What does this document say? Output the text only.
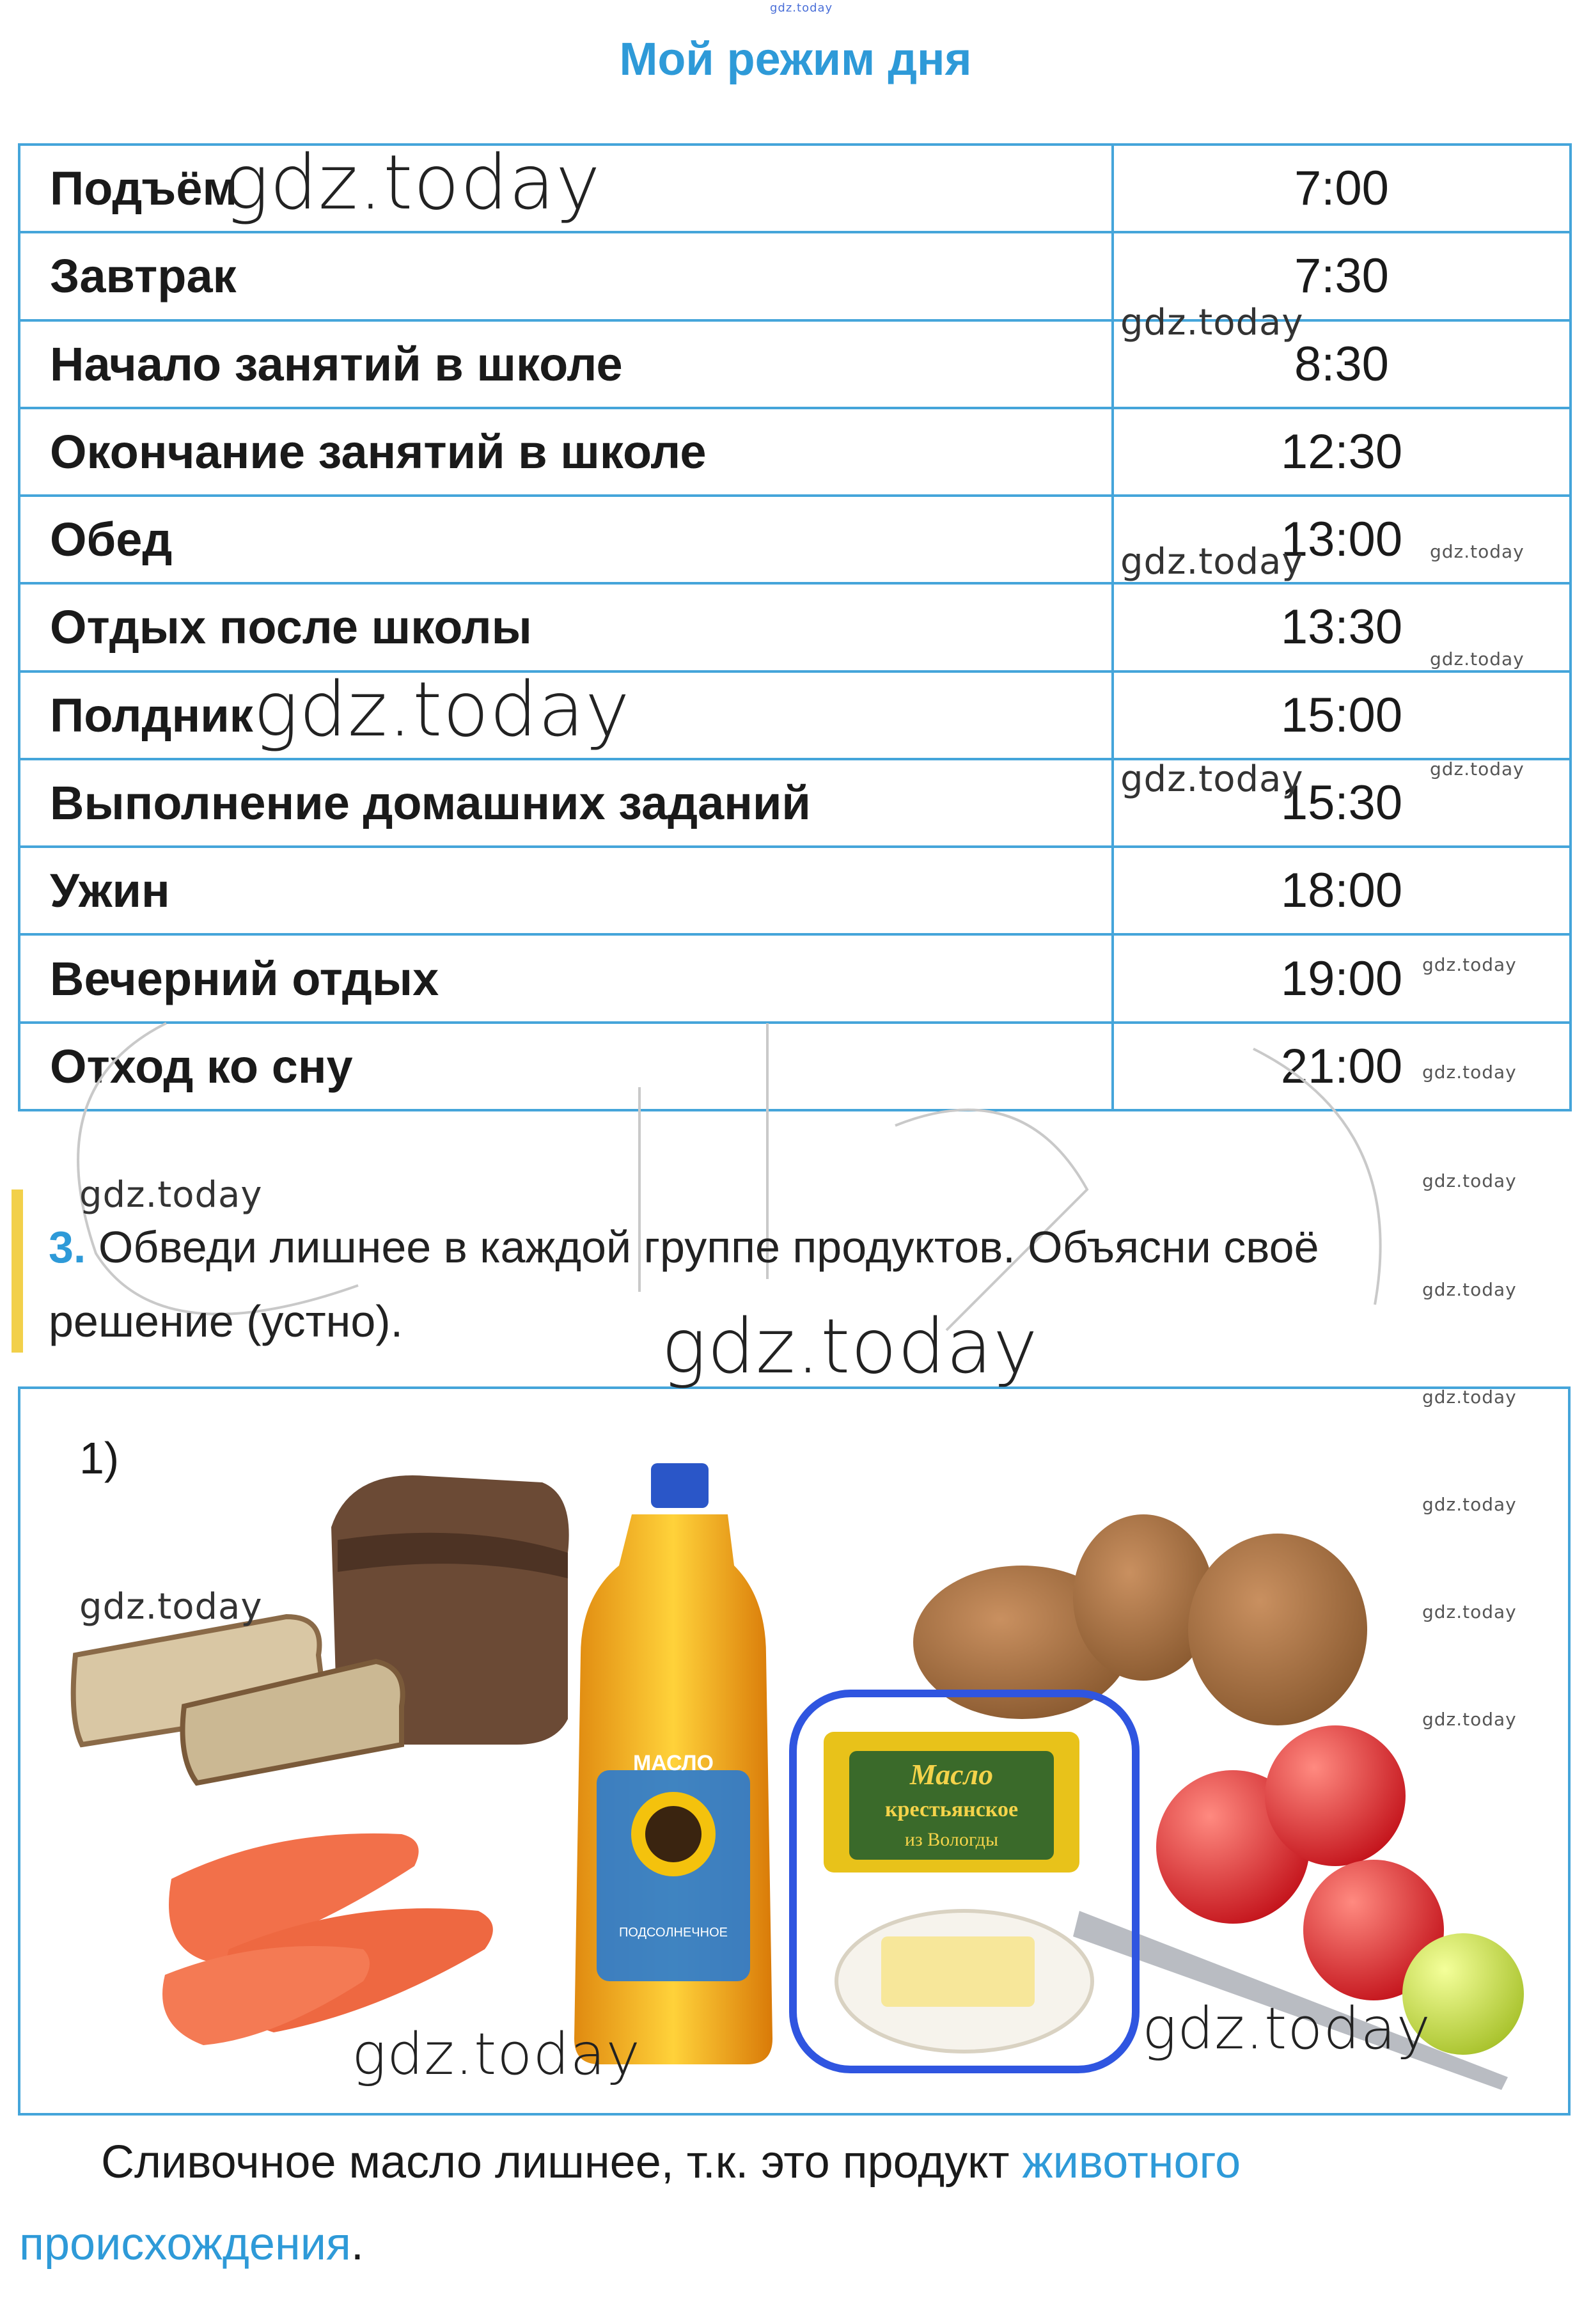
gdz.today
Мой режим дня
Подъём	7:00
Завтрак	7:30
Начало занятий в школе	8:30
Окончание занятий в школе	12:30
Обед	13:00
Отдых после школы	13:30
Полдник	15:00
Выполнение домашних заданий	15:30
Ужин	18:00
Вечерний отдых	19:00
Отход ко сну	21:00
3. Обведи лишнее в каждой группе продуктов. Объясни своё решение (устно).
1)
МАСЛО
ПОДСОЛНЕЧНОЕ
Масло
крестьянское
из Вологды
Сливочное масло лишнее, т.к. это продукт животного
происхождения.
gdz.today
gdz.today
gdz.today	gdz.today
gdz.today
gdz.today
gdz.today	gdz.today
gdz.today
gdz.today
gdz.today	gdz.today
gdz.today
gdz.today
gdz.today
gdz.today
gdz.today	gdz.today
gdz.today
gdz.today	gdz.today
